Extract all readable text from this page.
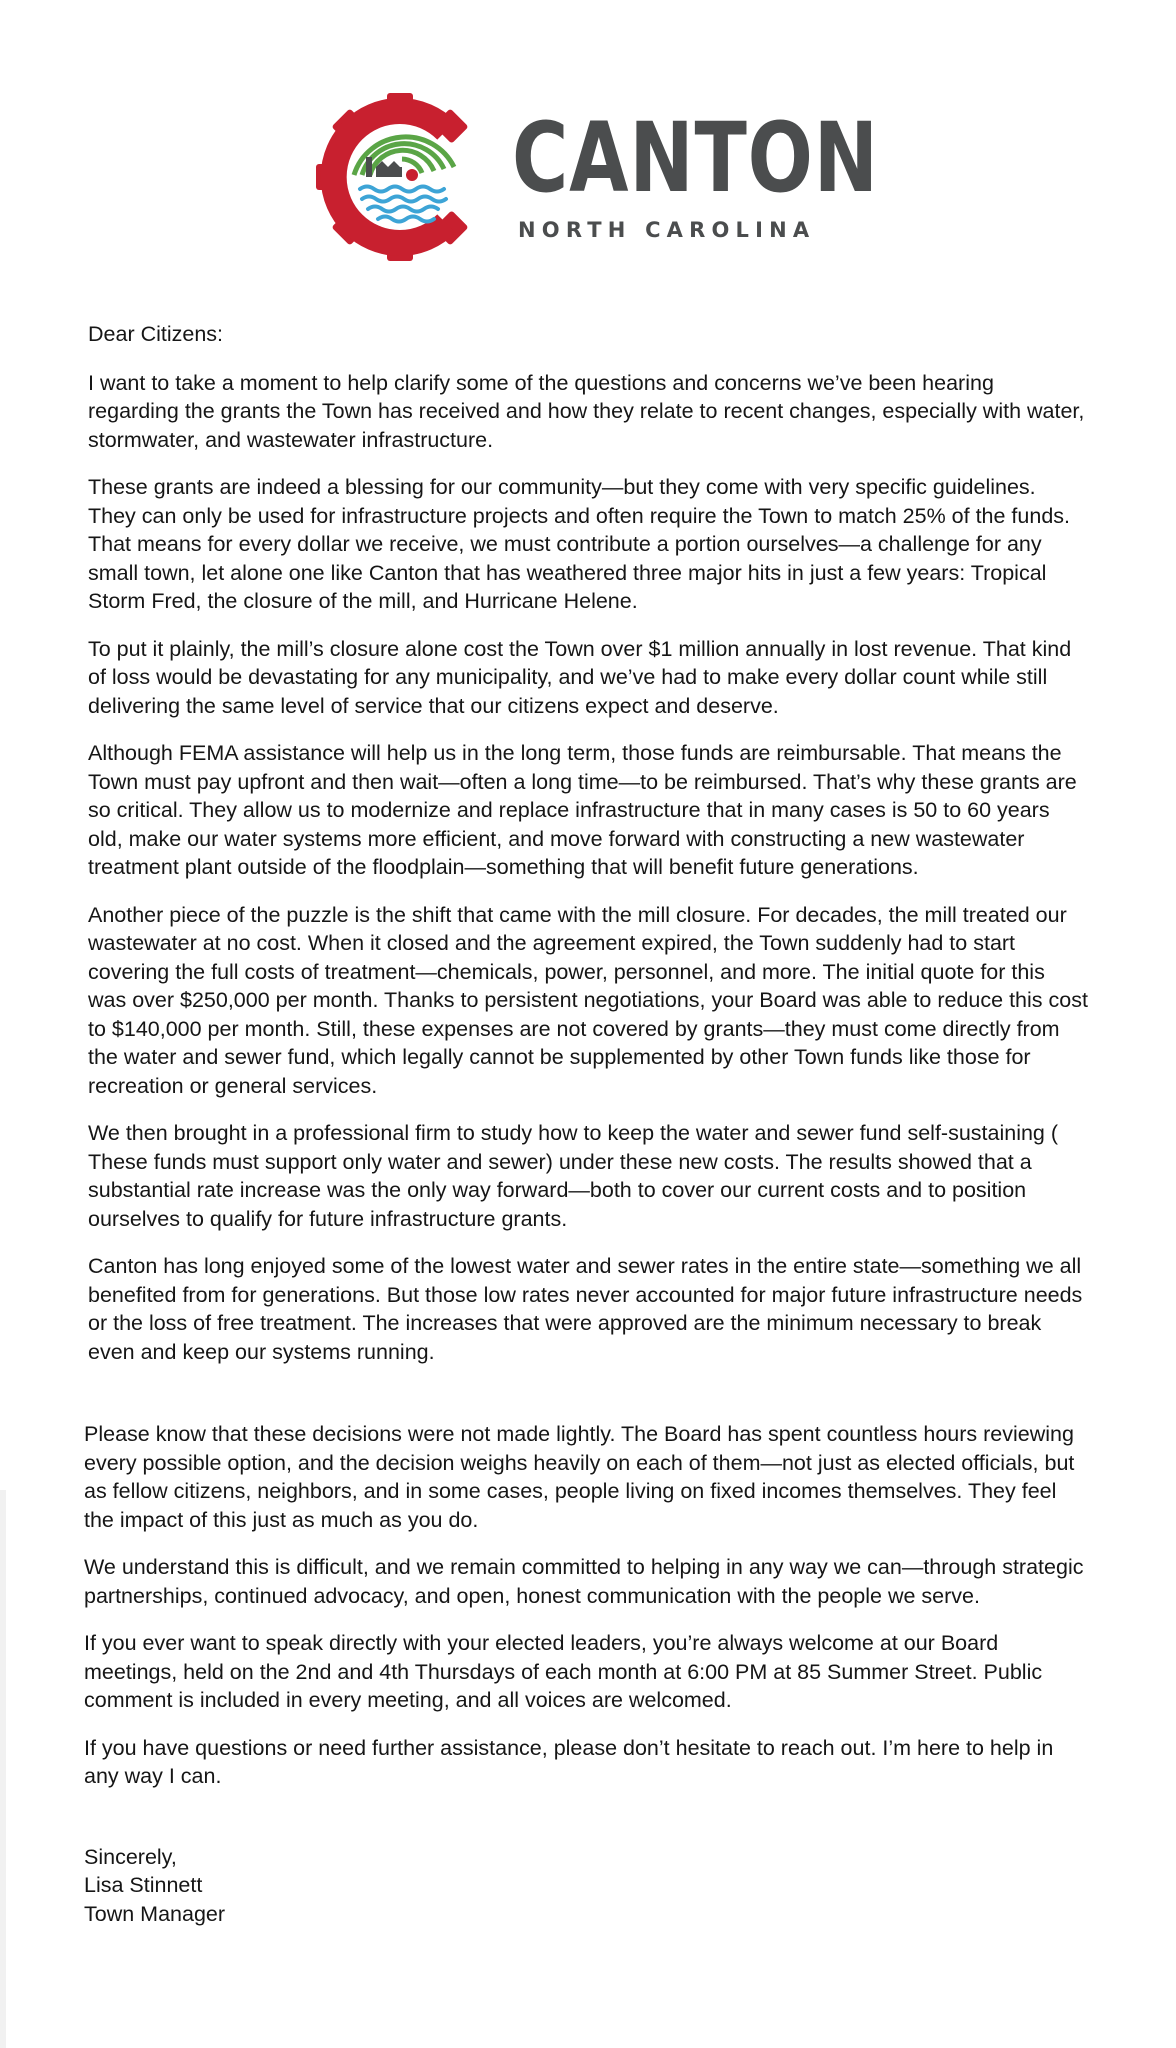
CANTON
NORTH CAROLINA

Dear Citizens:

I want to take a moment to help clarify some of the questions and concerns we’ve been hearing regarding the grants the Town has received and how they relate to recent changes, especially with water, stormwater, and wastewater infrastructure.

These grants are indeed a blessing for our community—but they come with very specific guidelines. They can only be used for infrastructure projects and often require the Town to match 25% of the funds. That means for every dollar we receive, we must contribute a portion ourselves—a challenge for any small town, let alone one like Canton that has weathered three major hits in just a few years: Tropical Storm Fred, the closure of the mill, and Hurricane Helene.

To put it plainly, the mill’s closure alone cost the Town over $1 million annually in lost revenue. That kind of loss would be devastating for any municipality, and we’ve had to make every dollar count while still delivering the same level of service that our citizens expect and deserve.

Although FEMA assistance will help us in the long term, those funds are reimbursable. That means the Town must pay upfront and then wait—often a long time—to be reimbursed. That’s why these grants are so critical. They allow us to modernize and replace infrastructure that in many cases is 50 to 60 years old, make our water systems more efficient, and move forward with constructing a new wastewater treatment plant outside of the floodplain—something that will benefit future generations.

Another piece of the puzzle is the shift that came with the mill closure. For decades, the mill treated our wastewater at no cost. When it closed and the agreement expired, the Town suddenly had to start covering the full costs of treatment—chemicals, power, personnel, and more. The initial quote for this was over $250,000 per month. Thanks to persistent negotiations, your Board was able to reduce this cost to $140,000 per month. Still, these expenses are not covered by grants—they must come directly from the water and sewer fund, which legally cannot be supplemented by other Town funds like those for recreation or general services.

We then brought in a professional firm to study how to keep the water and sewer fund self-sustaining ( These funds must support only water and sewer) under these new costs. The results showed that a substantial rate increase was the only way forward—both to cover our current costs and to position ourselves to qualify for future infrastructure grants.

Canton has long enjoyed some of the lowest water and sewer rates in the entire state—something we all benefited from for generations. But those low rates never accounted for major future infrastructure needs or the loss of free treatment. The increases that were approved are the minimum necessary to break even and keep our systems running.

Please know that these decisions were not made lightly. The Board has spent countless hours reviewing every possible option, and the decision weighs heavily on each of them—not just as elected officials, but as fellow citizens, neighbors, and in some cases, people living on fixed incomes themselves. They feel the impact of this just as much as you do.

We understand this is difficult, and we remain committed to helping in any way we can—through strategic partnerships, continued advocacy, and open, honest communication with the people we serve.

If you ever want to speak directly with your elected leaders, you’re always welcome at our Board meetings, held on the 2nd and 4th Thursdays of each month at 6:00 PM at 85 Summer Street. Public comment is included in every meeting, and all voices are welcomed.

If you have questions or need further assistance, please don’t hesitate to reach out. I’m here to help in any way I can.

Sincerely,
Lisa Stinnett
Town Manager
